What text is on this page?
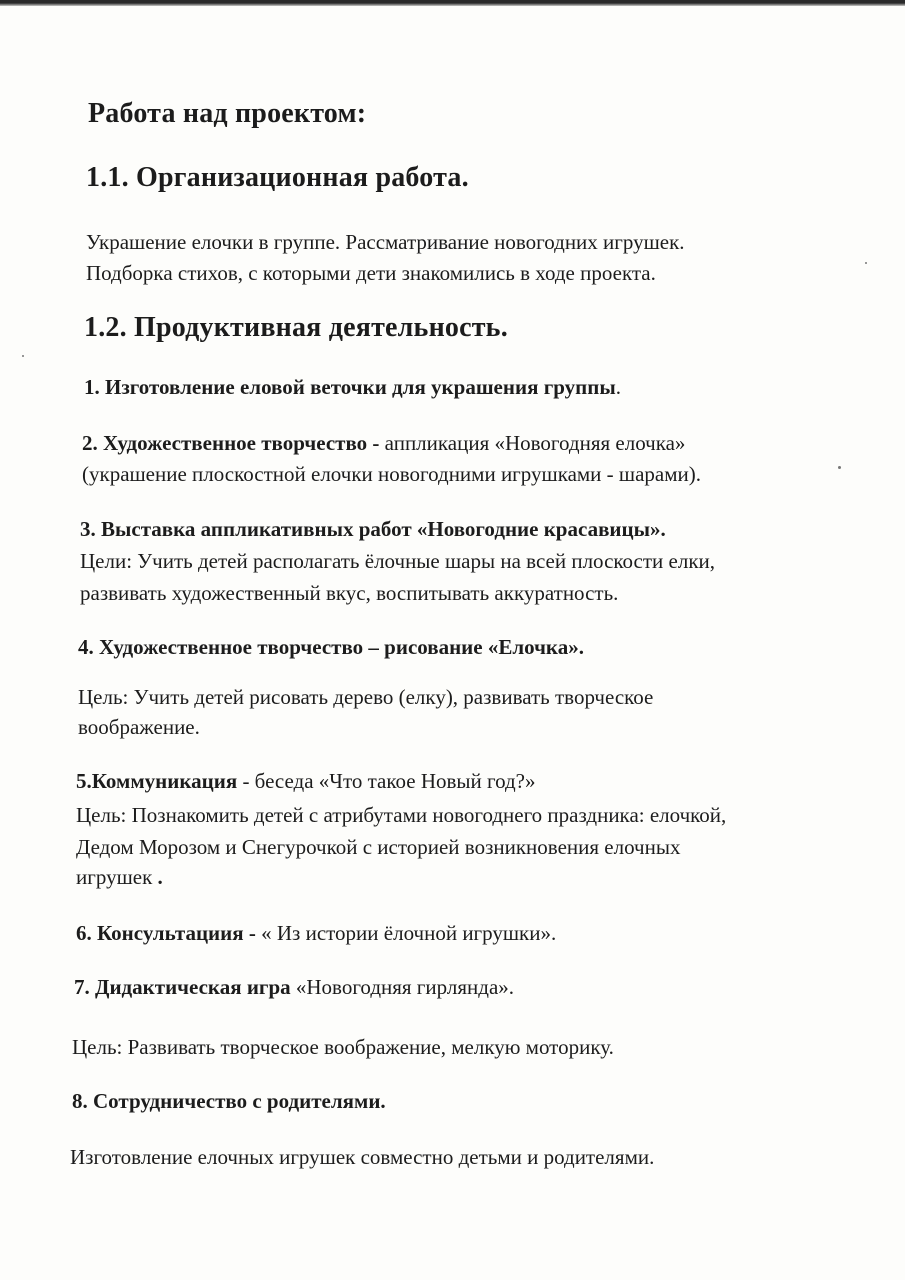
Работа над проектом:
1.1. Организационная работа.
Украшение елочки в группе. Рассматривание новогодних игрушек.
Подборка стихов, с которыми дети знакомились в ходе проекта.
1.2. Продуктивная деятельность.
1. Изготовление еловой веточки для украшения группы.
2. Художественное творчество - аппликация «Новогодняя елочка»
(украшение плоскостной елочки новогодними игрушками - шарами).
3. Выставка аппликативных работ «Новогодние красавицы».
Цели: Учить детей располагать ёлочные шары на всей плоскости елки,
развивать художественный вкус, воспитывать аккуратность.
4. Художественное творчество – рисование «Елочка».
Цель: Учить детей рисовать дерево (елку), развивать творческое
воображение.
5.Коммуникация - беседа «Что такое Новый год?»
Цель: Познакомить детей с атрибутами новогоднего праздника: елочкой,
Дедом Морозом и Снегурочкой с историей возникновения елочных
игрушек .
6. Консультациия - « Из истории ёлочной игрушки».
7. Дидактическая игра «Новогодняя гирлянда».
Цель: Развивать творческое воображение, мелкую моторику.
8. Сотрудничество с родителями.
Изготовление елочных игрушек совместно детьми и родителями.
